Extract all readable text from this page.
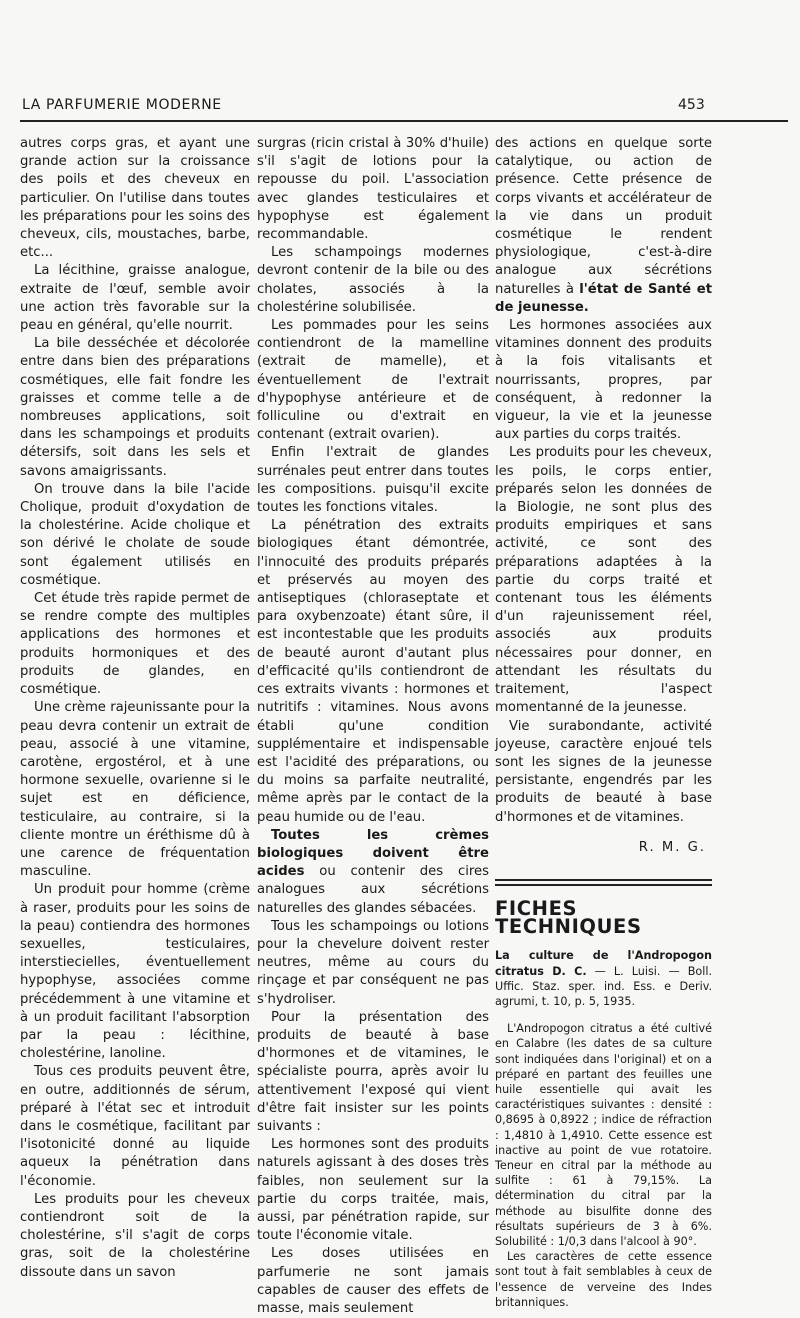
LA PARFUMERIE MODERNE	453

autres corps gras, et ayant une grande action sur la croissance des poils et des cheveux en particulier. On l'utilise dans toutes les préparations pour les soins des cheveux, cils, moustaches, barbe, etc...

La lécithine, graisse analogue, extraite de l'œuf, semble avoir une action très favorable sur la peau en général, qu'elle nourrit.

La bile desséchée et décolorée entre dans bien des préparations cosmétiques, elle fait fondre les graisses et comme telle a de nombreuses applications, soit dans les schampoings et produits détersifs, soit dans les sels et savons amaigrissants.

On trouve dans la bile l'acide Cholique, produit d'oxydation de la cholestérine. Acide cholique et son dérivé le cholate de soude sont également utilisés en cosmétique.

Cet étude très rapide permet de se rendre compte des multiples applications des hormones et produits hormoniques et des produits de glandes, en cosmétique.

Une crème rajeunissante pour la peau devra contenir un extrait de peau, associé à une vitamine, carotène, ergostérol, et à une hormone sexuelle, ovarienne si le sujet est en déficience, testiculaire, au contraire, si la cliente montre un éréthisme dû à une carence de fréquentation masculine.

Un produit pour homme (crème à raser, produits pour les soins de la peau) contiendra des hormones sexuelles, testiculaires, interstiecielles, éventuellement hypophyse, associées comme précédemment à une vitamine et à un produit facilitant l'absorption par la peau : lécithine, cholestérine, lanoline.

Tous ces produits peuvent être, en outre, additionnés de sérum, préparé à l'état sec et introduit dans le cosmétique, facilitant par l'isotonicité donné au liquide aqueux la pénétration dans l'économie.

Les produits pour les cheveux contiendront soit de la cholestérine, s'il s'agit de corps gras, soit de la cholestérine dissoute dans un savon

surgras (ricin cristal à 30% d'huile) s'il s'agit de lotions pour la repousse du poil. L'association avec glandes testiculaires et hypophyse est également recommandable.

Les schampoings modernes devront contenir de la bile ou des cholates, associés à la cholestérine solubilisée.

Les pommades pour les seins contiendront de la mamelline (extrait de mamelle), et éventuellement de l'extrait d'hypophyse antérieure et de folliculine ou d'extrait en contenant (extrait ovarien).

Enfin l'extrait de glandes surrénales peut entrer dans toutes les compositions. puisqu'il excite toutes les fonctions vitales.

La pénétration des extraits biologiques étant démontrée, l'innocuité des produits préparés et préservés au moyen des antiseptiques (chloraseptate et para oxybenzoate) étant sûre, il est incontestable que les produits de beauté auront d'autant plus d'efficacité qu'ils contiendront de ces extraits vivants : hormones et nutritifs : vitamines. Nous avons établi qu'une condition supplémentaire et indispensable est l'acidité des préparations, ou du moins sa parfaite neutralité, même après par le contact de la peau humide ou de l'eau.

Toutes les crèmes biologiques doivent être acides ou contenir des cires analogues aux sécrétions naturelles des glandes sébacées.

Tous les schampoings ou lotions pour la chevelure doivent rester neutres, même au cours du rinçage et par conséquent ne pas s'hydroliser.

Pour la présentation des produits de beauté à base d'hormones et de vitamines, le spécialiste pourra, après avoir lu attentivement l'exposé qui vient d'être fait insister sur les points suivants :

Les hormones sont des produits naturels agissant à des doses très faibles, non seulement sur la partie du corps traitée, mais, aussi, par pénétration rapide, sur toute l'économie vitale.

Les doses utilisées en parfumerie ne sont jamais capables de causer des effets de masse, mais seulement

des actions en quelque sorte catalytique, ou action de présence. Cette présence de corps vivants et accélérateur de la vie dans un produit cosmétique le rendent physiologique, c'est-à-dire analogue aux sécrétions naturelles à l'état de Santé et de jeunesse.

Les hormones associées aux vitamines donnent des produits à la fois vitalisants et nourrissants, propres, par conséquent, à redonner la vigueur, la vie et la jeunesse aux parties du corps traités.

Les produits pour les cheveux, les poils, le corps entier, préparés selon les données de la Biologie, ne sont plus des produits empiriques et sans activité, ce sont des préparations adaptées à la partie du corps traité et contenant tous les éléments d'un rajeunissement réel, associés aux produits nécessaires pour donner, en attendant les résultats du traitement, l'aspect momentanné de la jeunesse.

Vie surabondante, activité joyeuse, caractère enjoué tels sont les signes de la jeunesse persistante, engendrés par les produits de beauté à base d'hormones et de vitamines.

R. M. G.
FICHES TECHNIQUES

La culture de l'Andropogon citratus D. C. — L. Luisi. — Boll. Uffic. Staz. sper. ind. Ess. e Deriv. agrumi, t. 10, p. 5, 1935.

L'Andropogon citratus a été cultivé en Calabre (les dates de sa culture sont indiquées dans l'original) et on a préparé en partant des feuilles une huile essentielle qui avait les caractéristiques suivantes : densité : 0,8695 à 0,8922 ; indice de réfraction : 1,4810 à 1,4910. Cette essence est inactive au point de vue rotatoire. Teneur en citral par la méthode au sulfite : 61 à 79,15%. La détermination du citral par la méthode au bisulfite donne des résultats supérieurs de 3 à 6%. Solubilité : 1/0,3 dans l'alcool à 90°.

Les caractères de cette essence sont tout à fait semblables à ceux de l'essence de verveine des Indes britanniques.
